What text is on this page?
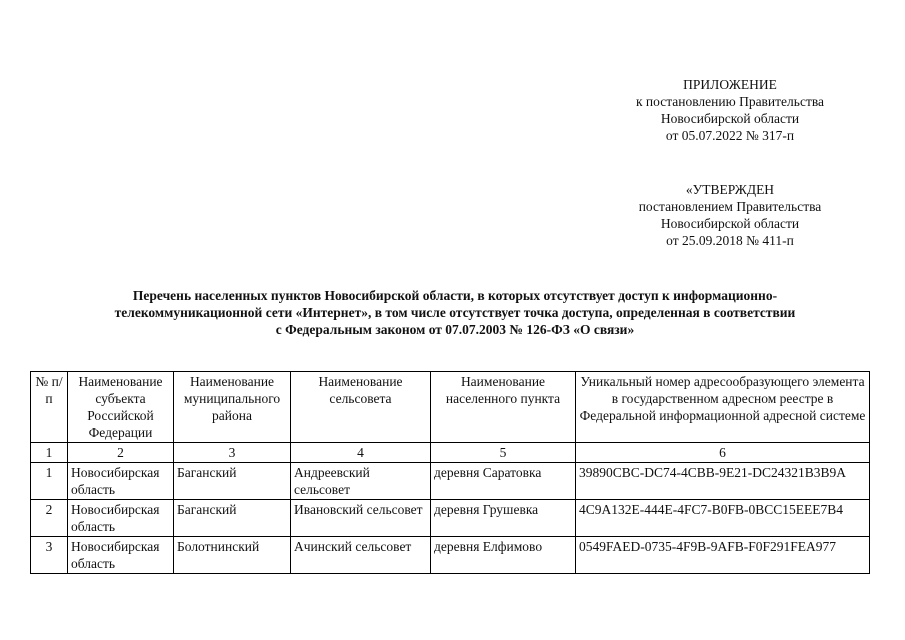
ПРИЛОЖЕНИЕ
к постановлению Правительства
Новосибирской области
от 05.07.2022 № 317-п
«УТВЕРЖДЕН
постановлением Правительства
Новосибирской области
от 25.09.2018 № 411-п
Перечень населенных пунктов Новосибирской области, в которых отсутствует доступ к информационно-
телекоммуникационной сети «Интернет», в том числе отсутствует точка доступа, определенная в соответствии
с Федеральным законом от 07.07.2003 № 126-ФЗ «О связи»
№ п/п	Наименование субъекта Российской Федерации	Наименование муниципального района	Наименование сельсовета	Наименование населенного пункта	Уникальный номер адресообразующего элемента в государственном адресном реестре в Федеральной информационной адресной системе
1	2	3	4	5	6
1	Новосибирская область	Баганский	Андреевский сельсовет	деревня Саратовка	39890CBC-DC74-4CBB-9E21-DC24321B3B9A
2	Новосибирская область	Баганский	Ивановский сельсовет	деревня Грушевка	4C9A132E-444E-4FC7-B0FB-0BCC15EEE7B4
3	Новосибирская область	Болотнинский	Ачинский сельсовет	деревня Елфимово	0549FAED-0735-4F9B-9AFB-F0F291FEA977
